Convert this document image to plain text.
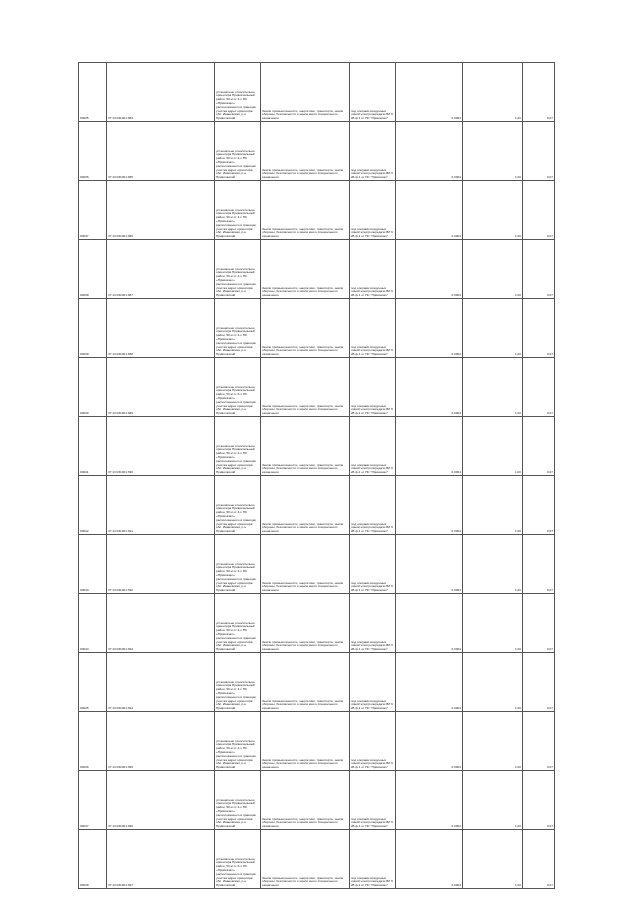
00035	37:13:031001:384	установлено относительно ориентира Привокзальный район, 50 м от 4-х ПС «Привокзал» расположенного в границах участка адрес ориентира: обл. Ивановская, р-н Приволжский	Земли промышленности, энергетики, транспорта, земли обороны, безопасности и земли иного специального назначения	под опорами воздушных линий электропередачи ВЛ 6 кВ ф.1 от ПС "Привокзал"	0,0004	1,00	0,07
00036	37:13:031001:385	установлено относительно ориентира Привокзальный район, 50 м от 4-х ПС «Привокзал» расположенного в границах участка адрес ориентира: обл. Ивановская, р-н Приволжский	Земли промышленности, энергетики, транспорта, земли обороны, безопасности и земли иного специального назначения	под опорами воздушных линий электропередачи ВЛ 6 кВ ф.1 от ПС "Привокзал"	0,0004	1,00	0,07
00037	37:13:031001:386	установлено относительно ориентира Привокзальный район, 50 м от 4-х ПС «Привокзал» расположенного в границах участка адрес ориентира: обл. Ивановская, р-н Приволжский	Земли промышленности, энергетики, транспорта, земли обороны, безопасности и земли иного специального назначения	под опорами воздушных линий электропередачи ВЛ 6 кВ ф.1 от ПС "Привокзал"	0,0004	1,00	0,07
00038	37:13:031001:387	установлено относительно ориентира Привокзальный район, 50 м от 4-х ПС «Привокзал» расположенного в границах участка адрес ориентира: обл. Ивановская, р-н Приволжский	Земли промышленности, энергетики, транспорта, земли обороны, безопасности и земли иного специального назначения	под опорами воздушных линий электропередачи ВЛ 6 кВ ф.1 от ПС "Привокзал"	0,0004	1,00	0,07
00039	37:13:031001:388	установлено относительно ориентира Привокзальный район, 50 м от 4-х ПС «Привокзал» расположенного в границах участка адрес ориентира: обл. Ивановская, р-н Приволжский	Земли промышленности, энергетики, транспорта, земли обороны, безопасности и земли иного специального назначения	под опорами воздушных линий электропередачи ВЛ 6 кВ ф.1 от ПС "Привокзал"	0,0004	1,00	0,07
00040	37:13:031001:389	установлено относительно ориентира Привокзальный район, 50 м от 4-х ПС «Привокзал» расположенного в границах участка адрес ориентира: обл. Ивановская, р-н Приволжский	Земли промышленности, энергетики, транспорта, земли обороны, безопасности и земли иного специального назначения	под опорами воздушных линий электропередачи ВЛ 6 кВ ф.1 от ПС "Привокзал"	0,0004	1,00	0,07
00041	37:13:031001:390	установлено относительно ориентира Привокзальный район, 50 м от 4-х ПС «Привокзал» расположенного в границах участка адрес ориентира: обл. Ивановская, р-н Приволжский	Земли промышленности, энергетики, транспорта, земли обороны, безопасности и земли иного специального назначения	под опорами воздушных линий электропередачи ВЛ 6 кВ ф.1 от ПС "Привокзал"	0,0004	1,00	0,07
00042	37:13:031001:391	установлено относительно ориентира Привокзальный район, 50 м от 4-х ПС «Привокзал» расположенного в границах участка адрес ориентира: обл. Ивановская, р-н Приволжский	Земли промышленности, энергетики, транспорта, земли обороны, безопасности и земли иного специального назначения	под опорами воздушных линий электропередачи ВЛ 6 кВ ф.1 от ПС "Привокзал"	0,0004	1,00	0,07
00043	37:13:031001:392	установлено относительно ориентира Привокзальный район, 50 м от 4-х ПС «Привокзал» расположенного в границах участка адрес ориентира: обл. Ивановская, р-н Приволжский	Земли промышленности, энергетики, транспорта, земли обороны, безопасности и земли иного специального назначения	под опорами воздушных линий электропередачи ВЛ 6 кВ ф.1 от ПС "Привокзал"	0,0004	1,00	0,07
00044	37:13:031001:393	установлено относительно ориентира Привокзальный район, 50 м от 4-х ПС «Привокзал» расположенного в границах участка адрес ориентира: обл. Ивановская, р-н Приволжский	Земли промышленности, энергетики, транспорта, земли обороны, безопасности и земли иного специального назначения	под опорами воздушных линий электропередачи ВЛ 6 кВ ф.1 от ПС "Привокзал"	0,0004	1,00	0,07
00045	37:13:031001:394	установлено относительно ориентира Привокзальный район, 50 м от 4-х ПС «Привокзал» расположенного в границах участка адрес ориентира: обл. Ивановская, р-н Приволжский	Земли промышленности, энергетики, транспорта, земли обороны, безопасности и земли иного специального назначения	под опорами воздушных линий электропередачи ВЛ 6 кВ ф.1 от ПС "Привокзал"	0,0004	1,00	0,07
00046	37:13:031001:395	установлено относительно ориентира Привокзальный район, 50 м от 4-х ПС «Привокзал» расположенного в границах участка адрес ориентира: обл. Ивановская, р-н Приволжский	Земли промышленности, энергетики, транспорта, земли обороны, безопасности и земли иного специального назначения	под опорами воздушных линий электропередачи ВЛ 6 кВ ф.1 от ПС "Привокзал"	0,0004	1,00	0,07
00047	37:13:031001:396	установлено относительно ориентира Привокзальный район, 50 м от 4-х ПС «Привокзал» расположенного в границах участка адрес ориентира: обл. Ивановская, р-н Приволжский	Земли промышленности, энергетики, транспорта, земли обороны, безопасности и земли иного специального назначения	под опорами воздушных линий электропередачи ВЛ 6 кВ ф.1 от ПС "Привокзал"	0,0004	1,00	0,07
00048	37:13:031001:397	установлено относительно ориентира Привокзальный район, 50 м от 4-х ПС «Привокзал» расположенного в границах участка адрес ориентира: обл. Ивановская, р-н Приволжский	Земли промышленности, энергетики, транспорта, земли обороны, безопасности и земли иного специального назначения	под опорами воздушных линий электропередачи ВЛ 6 кВ ф.1 от ПС "Привокзал"	0,0004	1,00	0,07
